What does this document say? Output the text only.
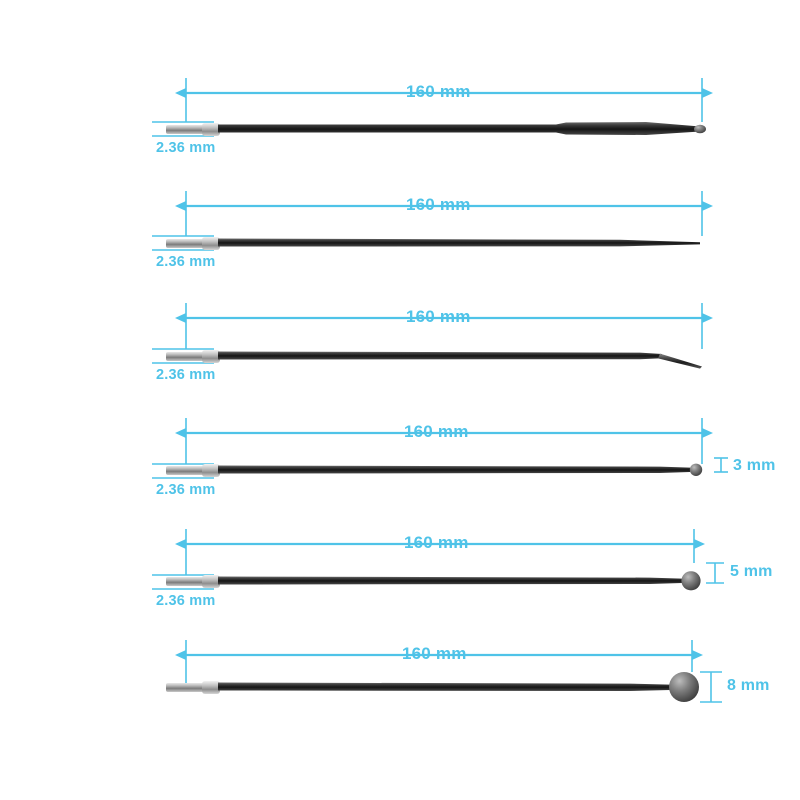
160 mm
2.36 mm
160 mm
2.36 mm
160 mm
2.36 mm
160 mm
2.36 mm
3 mm
160 mm
2.36 mm
5 mm
160 mm
8 mm
